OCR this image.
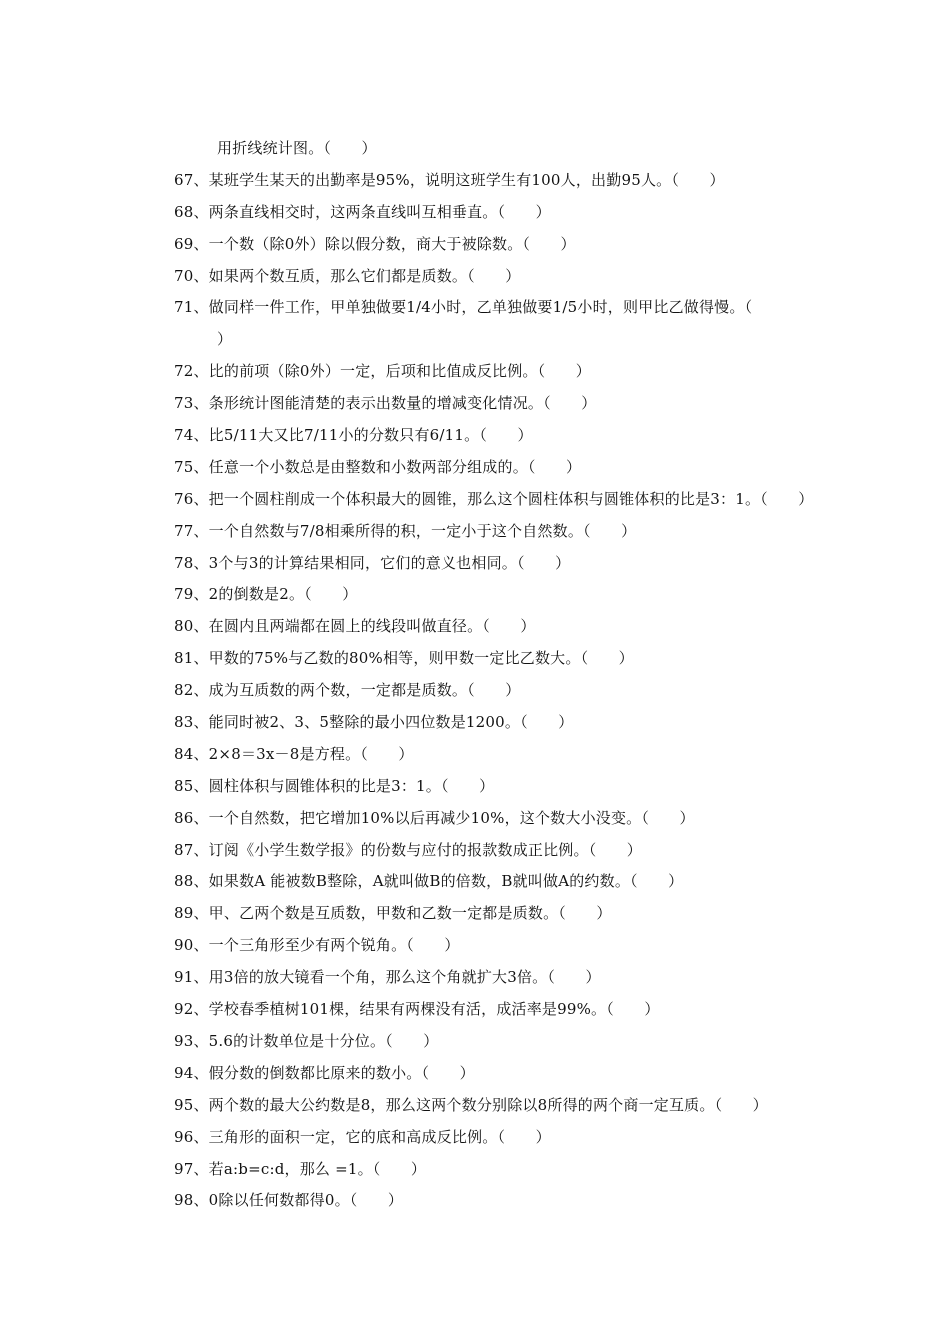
用折线统计图。（　　）
67、某班学生某天的出勤率是95%，说明这班学生有100人，出勤95人。（　　）
68、两条直线相交时，这两条直线叫互相垂直。（　　）
69、一个数（除0外）除以假分数，商大于被除数。（　　）
70、如果两个数互质，那么它们都是质数。（　　）
71、做同样一件工作，甲单独做要1/4小时，乙单独做要1/5小时，则甲比乙做得慢。（
）
72、比的前项（除0外）一定，后项和比值成反比例。（　　）
73、条形统计图能清楚的表示出数量的增减变化情况。（　　）
74、比5/11大又比7/11小的分数只有6/11。（　　）
75、任意一个小数总是由整数和小数两部分组成的。（　　）
76、把一个圆柱削成一个体积最大的圆锥，那么这个圆柱体积与圆锥体积的比是3：1。（　　）
77、一个自然数与7/8相乘所得的积，一定小于这个自然数。（　　）
78、3个与3的计算结果相同，它们的意义也相同。（　　）
79、2的倒数是2。（　　）
80、在圆内且两端都在圆上的线段叫做直径。（　　）
81、甲数的75%与乙数的80%相等，则甲数一定比乙数大。（　　）
82、成为互质数的两个数，一定都是质数。（　　）
83、能同时被2、3、5整除的最小四位数是1200。（　　）
84、2×8＝3x－8是方程。（　　）
85、圆柱体积与圆锥体积的比是3：1。（　　）
86、一个自然数，把它增加10%以后再减少10%，这个数大小没变。（　　）
87、订阅《小学生数学报》的份数与应付的报款数成正比例。（　　）
88、如果数A 能被数B整除，A就叫做B的倍数，B就叫做A的约数。（　　）
89、甲、乙两个数是互质数，甲数和乙数一定都是质数。（　　）
90、一个三角形至少有两个锐角。（　　）
91、用3倍的放大镜看一个角，那么这个角就扩大3倍。（　　）
92、学校春季植树101棵，结果有两棵没有活，成活率是99%。（　　）
93、5.6的计数单位是十分位。（　　）
94、假分数的倒数都比原来的数小。（　　）
95、两个数的最大公约数是8，那么这两个数分别除以8所得的两个商一定互质。（　　）
96、三角形的面积一定，它的底和高成反比例。（　　）
97、若a:b=c:d，那么 =1。（　　）
98、0除以任何数都得0。（　　）
